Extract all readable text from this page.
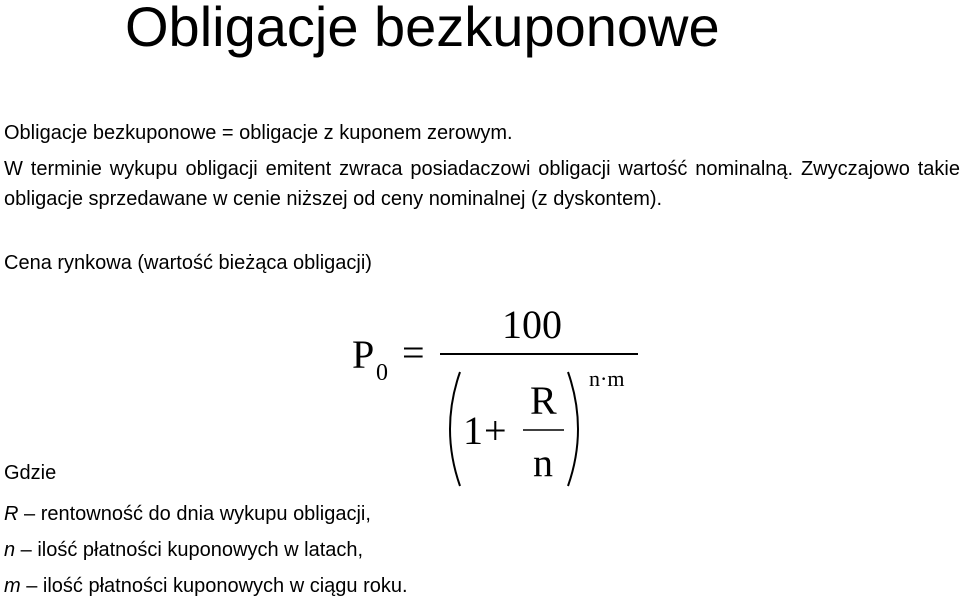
Obligacje bezkuponowe

Obligacje bezkuponowe = obligacje z kuponem zerowym.

W terminie wykupu obligacji emitent zwraca posiadaczowi obligacji wartość nominalną. Zwyczajowo takie obligacje sprzedawane w cenie niższej od ceny nominalnej (z dyskontem).

Cena rynkowa (wartość bieżąca obligacji)

P 0 =
100
1 +
R
n
n·m
Gdzie
R – rentowność do dnia wykupu obligacji,
n – ilość płatności kuponowych w latach,
m – ilość płatności kuponowych w ciągu roku.
